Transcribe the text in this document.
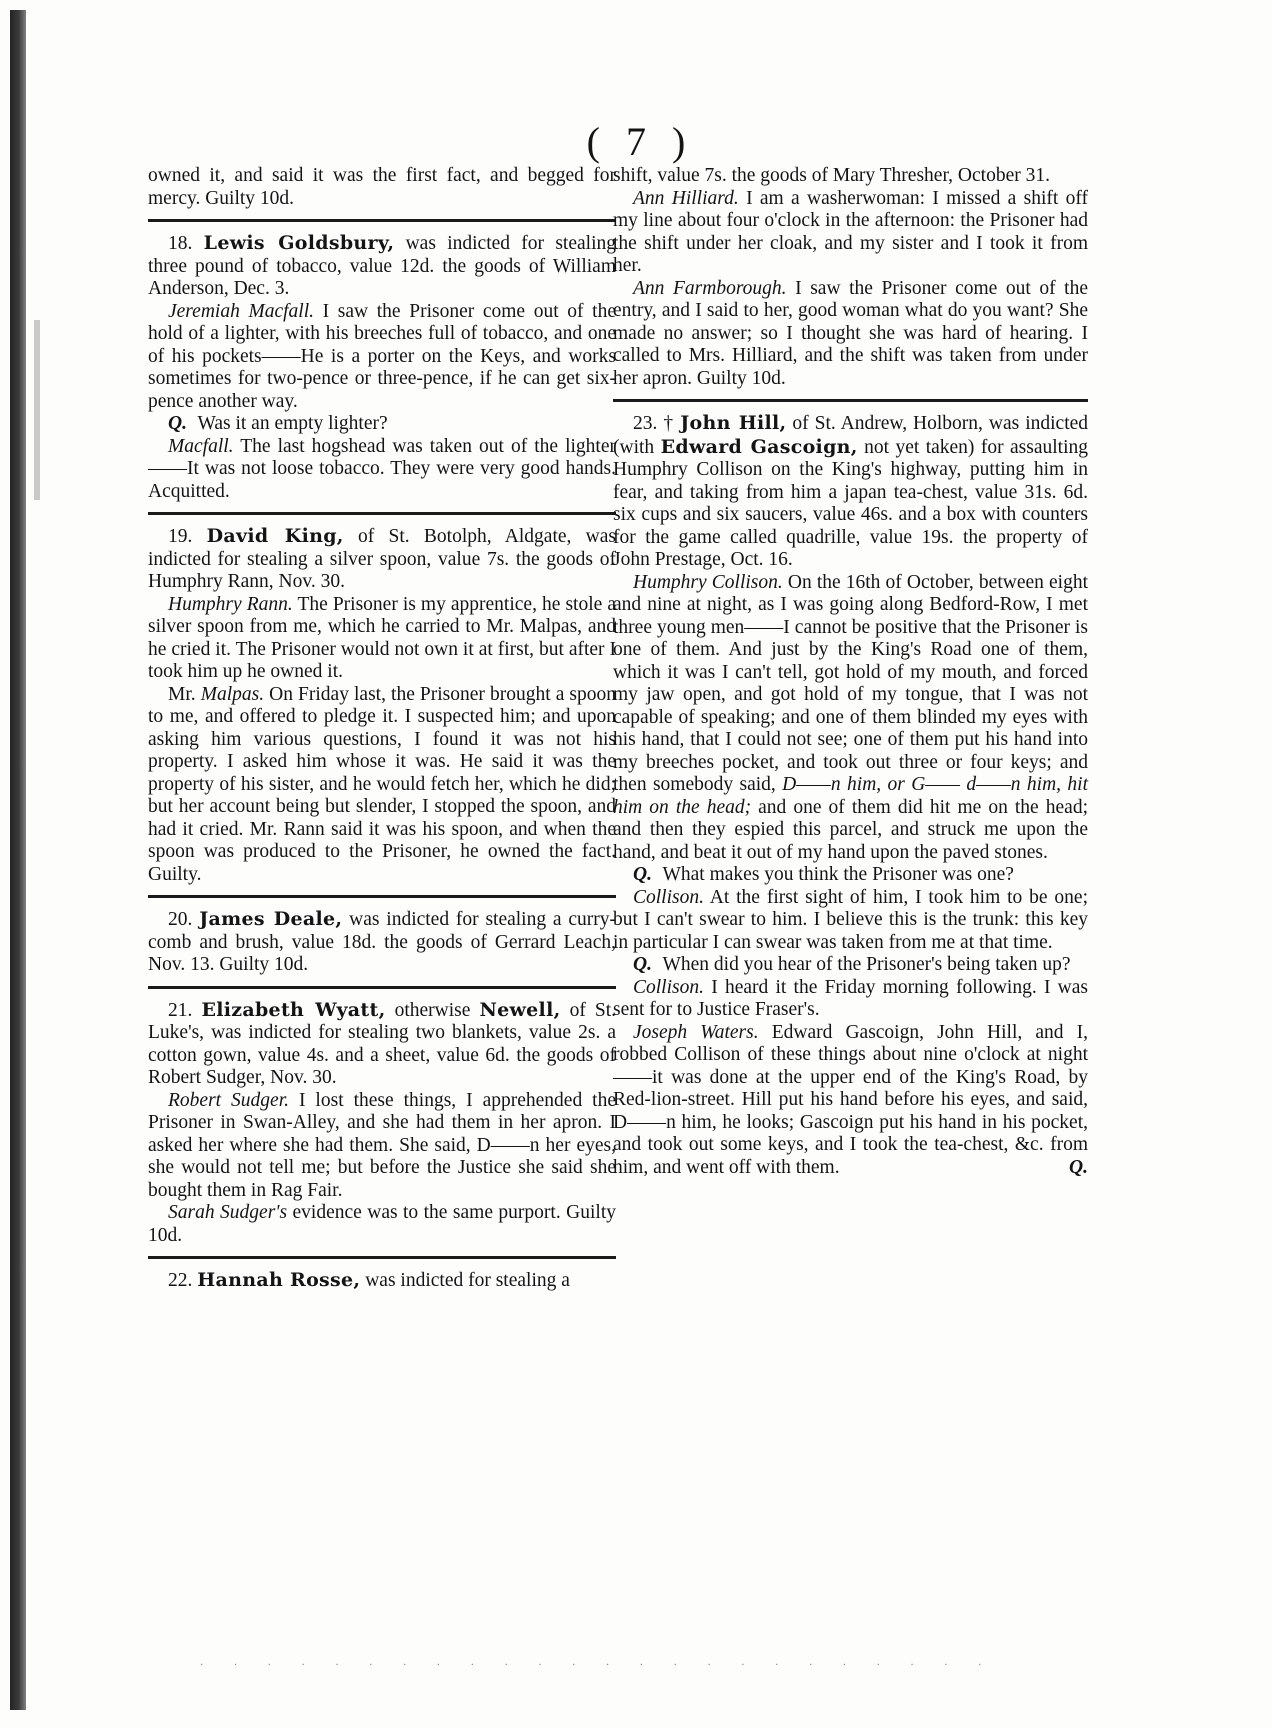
( 7 )

owned it, and said it was the first fact, and begged for mercy. Guilty 10d.

18. Lewis Goldsbury, was indicted for stealing three pound of tobacco, value 12d. the goods of William Anderson, Dec. 3.

Jeremiah Macfall. I saw the Prisoner come out of the hold of a lighter, with his breeches full of tobacco, and one of his pockets——He is a porter on the Keys, and works sometimes for two-pence or three-pence, if he can get six-pence another way.

Q. Was it an empty lighter?

Macfall. The last hogshead was taken out of the lighter——It was not loose tobacco. They were very good hands. Acquitted.

19. David King, of St. Botolph, Aldgate, was indicted for stealing a silver spoon, value 7s. the goods of Humphry Rann, Nov. 30.

Humphry Rann. The Prisoner is my apprentice, he stole a silver spoon from me, which he carried to Mr. Malpas, and he cried it. The Prisoner would not own it at first, but after I took him up he owned it.

Mr. Malpas. On Friday last, the Prisoner brought a spoon to me, and offered to pledge it. I suspected him; and upon asking him various questions, I found it was not his property. I asked him whose it was. He said it was the property of his sister, and he would fetch her, which he did; but her account being but slender, I stopped the spoon, and had it cried. Mr. Rann said it was his spoon, and when the spoon was produced to the Prisoner, he owned the fact. Guilty.

20. James Deale, was indicted for stealing a curry-comb and brush, value 18d. the goods of Gerrard Leach, Nov. 13. Guilty 10d.

21. Elizabeth Wyatt, otherwise Newell, of St. Luke's, was indicted for stealing two blankets, value 2s. a cotton gown, value 4s. and a sheet, value 6d. the goods of Robert Sudger, Nov. 30.

Robert Sudger. I lost these things, I apprehended the Prisoner in Swan-Alley, and she had them in her apron. I asked her where she had them. She said, D——n her eyes, she would not tell me; but before the Justice she said she bought them in Rag Fair.

Sarah Sudger's evidence was to the same purport. Guilty 10d.

22. Hannah Rosse, was indicted for stealing a

shift, value 7s. the goods of Mary Thresher, October 31.

Ann Hilliard. I am a washerwoman: I missed a shift off my line about four o'clock in the afternoon: the Prisoner had the shift under her cloak, and my sister and I took it from her.

Ann Farmborough. I saw the Prisoner come out of the entry, and I said to her, good woman what do you want? She made no answer; so I thought she was hard of hearing. I called to Mrs. Hilliard, and the shift was taken from under her apron. Guilty 10d.

23. † John Hill, of St. Andrew, Holborn, was indicted (with Edward Gascoign, not yet taken) for assaulting Humphry Collison on the King's highway, putting him in fear, and taking from him a japan tea-chest, value 31s. 6d. six cups and six saucers, value 46s. and a box with counters for the game called quadrille, value 19s. the property of John Prestage, Oct. 16.

Humphry Collison. On the 16th of October, between eight and nine at night, as I was going along Bedford-Row, I met three young men——I cannot be positive that the Prisoner is one of them. And just by the King's Road one of them, which it was I can't tell, got hold of my mouth, and forced my jaw open, and got hold of my tongue, that I was not capable of speaking; and one of them blinded my eyes with his hand, that I could not see; one of them put his hand into my breeches pocket, and took out three or four keys; and then somebody said, D——n him, or G—— d——n him, hit him on the head; and one of them did hit me on the head; and then they espied this parcel, and struck me upon the hand, and beat it out of my hand upon the paved stones.

Q. What makes you think the Prisoner was one?

Collison. At the first sight of him, I took him to be one; but I can't swear to him. I believe this is the trunk: this key in particular I can swear was taken from me at that time.

Q. When did you hear of the Prisoner's being taken up?

Collison. I heard it the Friday morning following. I was sent for to Justice Fraser's.

Joseph Waters. Edward Gascoign, John Hill, and I, robbed Collison of these things about nine o'clock at night——it was done at the upper end of the King's Road, by Red-lion-street. Hill put his hand before his eyes, and said, D——n him, he looks; Gascoign put his hand in his pocket, and took out some keys, and I took the tea-chest, &c. from him, and went off with them.	Q.

· · · · · · · · · · · · · · · · · · · · · · · ·
